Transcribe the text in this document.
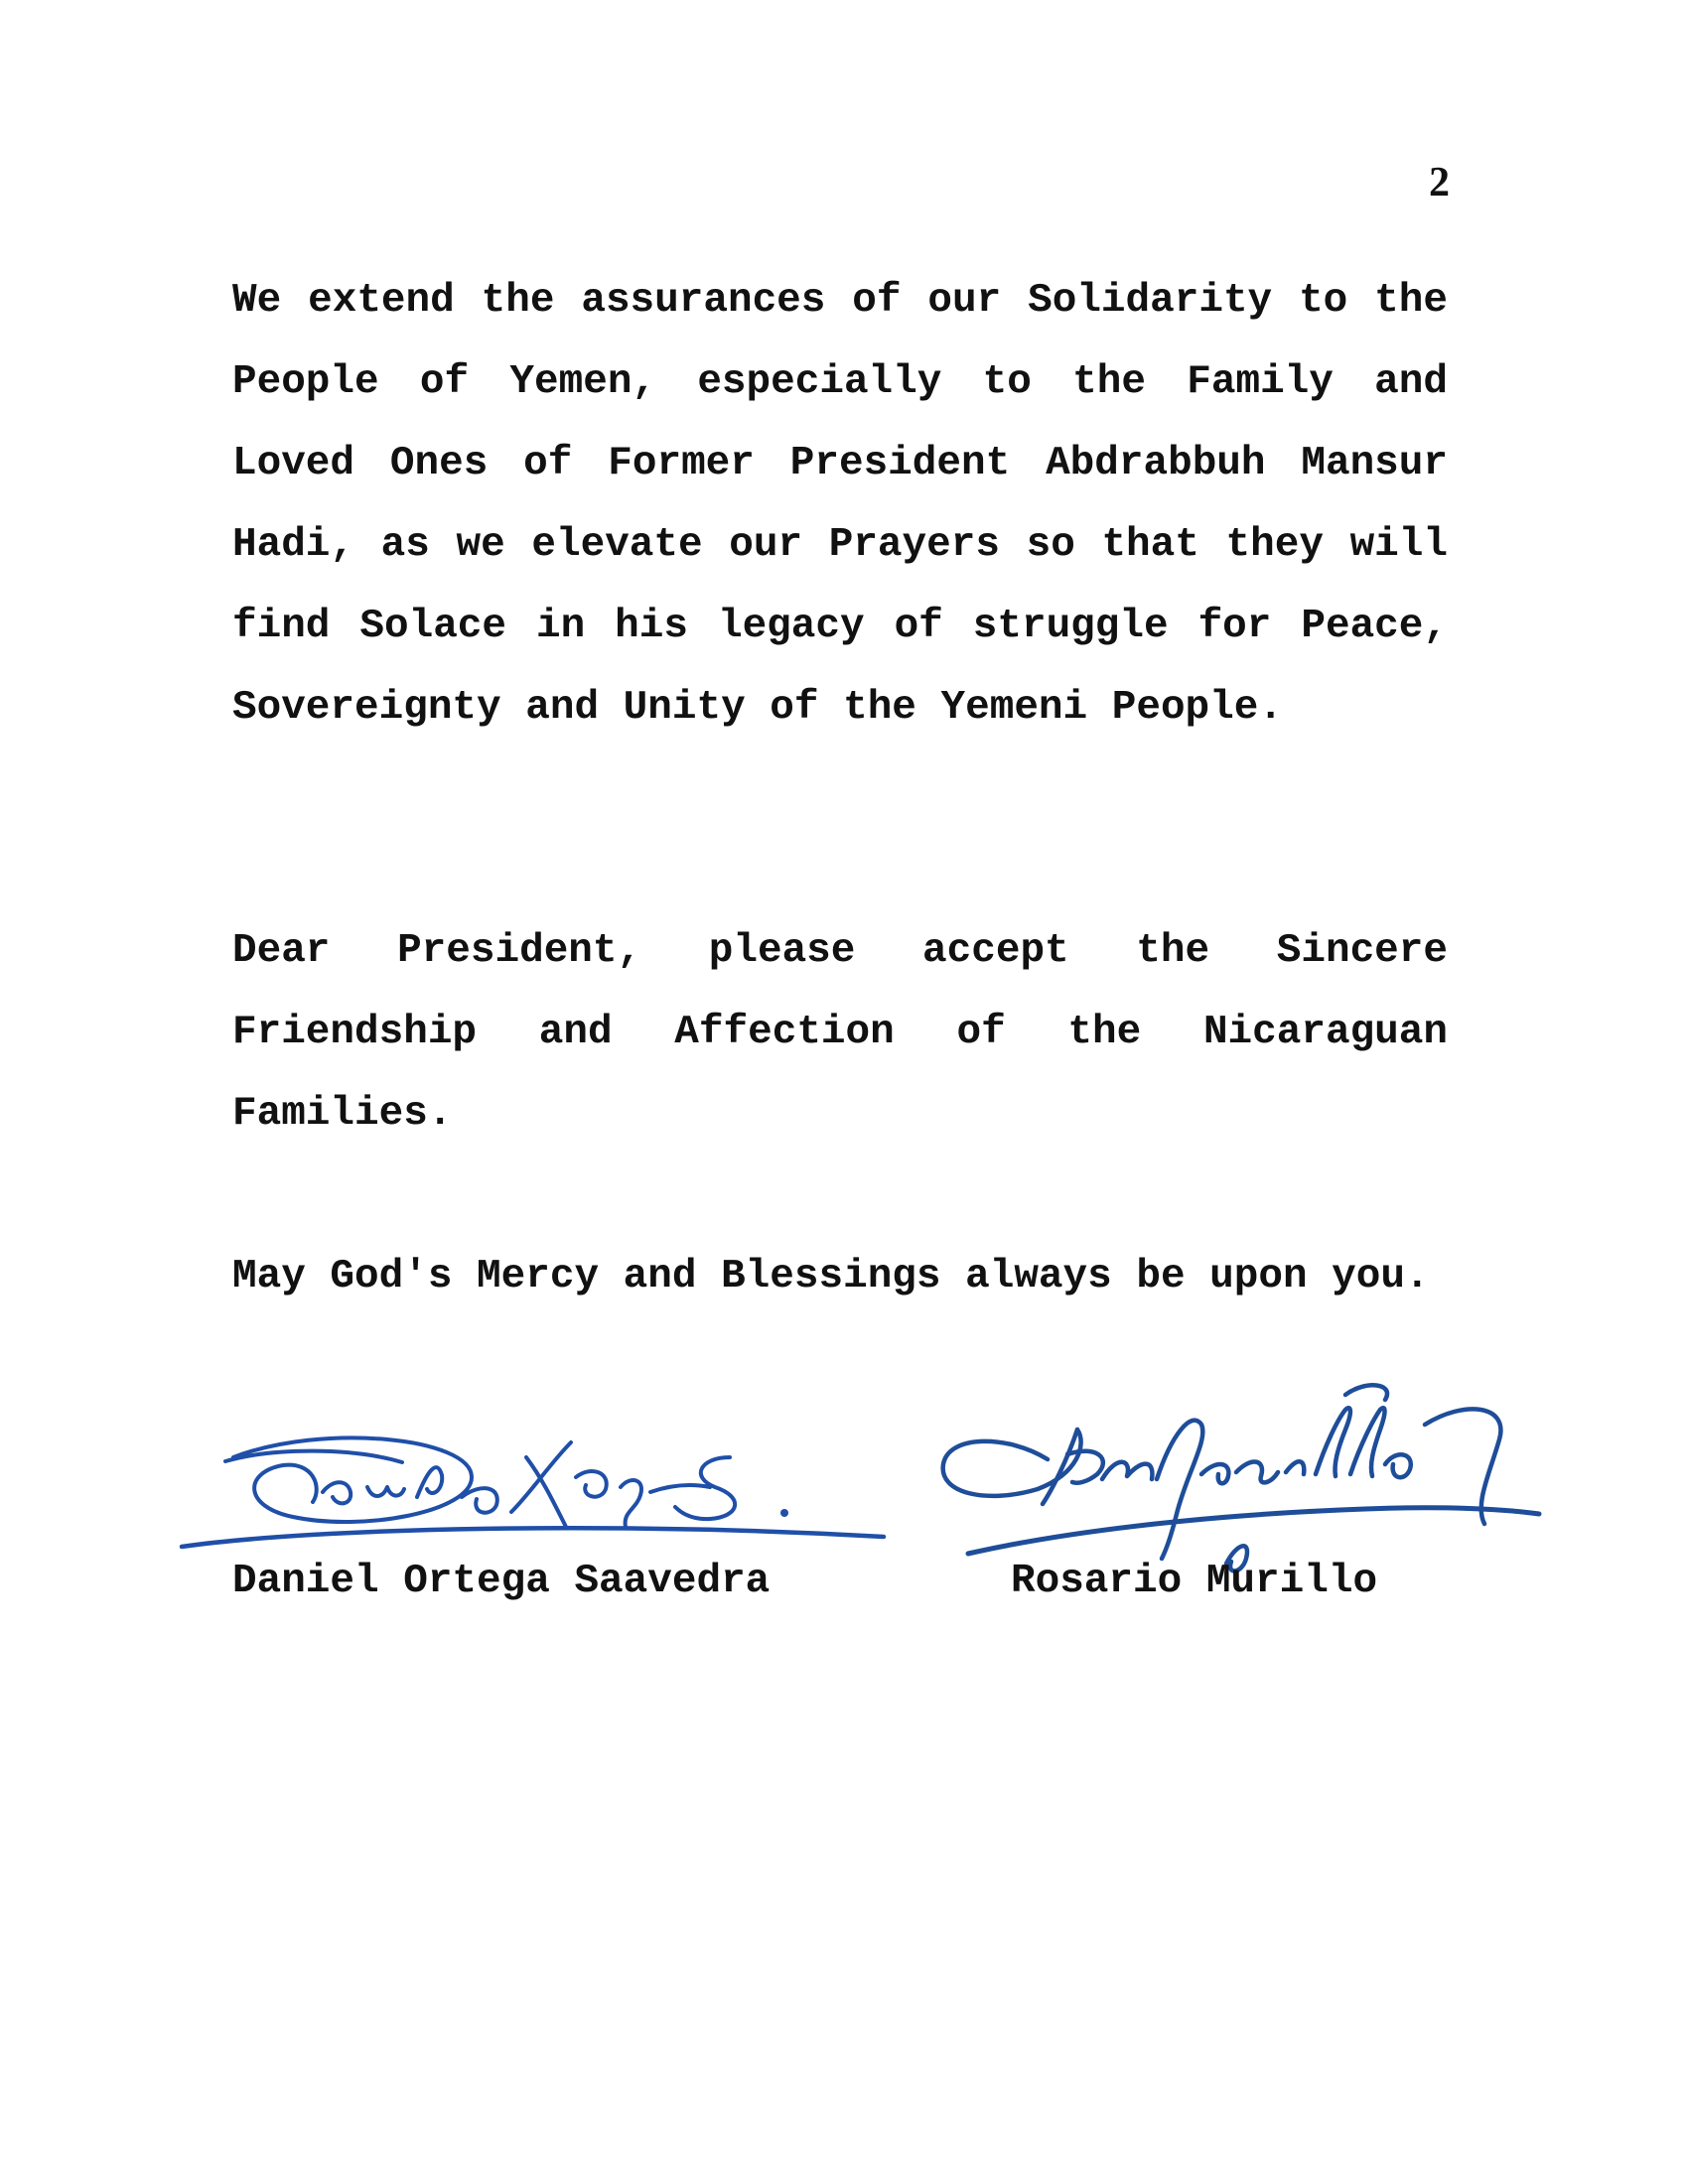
2

We extend the assurances of our Solidarity to the People of Yemen, especially to the Family and Loved Ones of Former President Abdrabbuh Mansur Hadi, as we elevate our Prayers so that they will find Solace in his legacy of struggle for Peace, Sovereignty and Unity of the Yemeni People.

Dear President, please accept the Sincere Friendship and Affection of the Nicaraguan Families.

May God's Mercy and Blessings always be upon you.

Daniel Ortega Saavedra	Rosario Murillo
